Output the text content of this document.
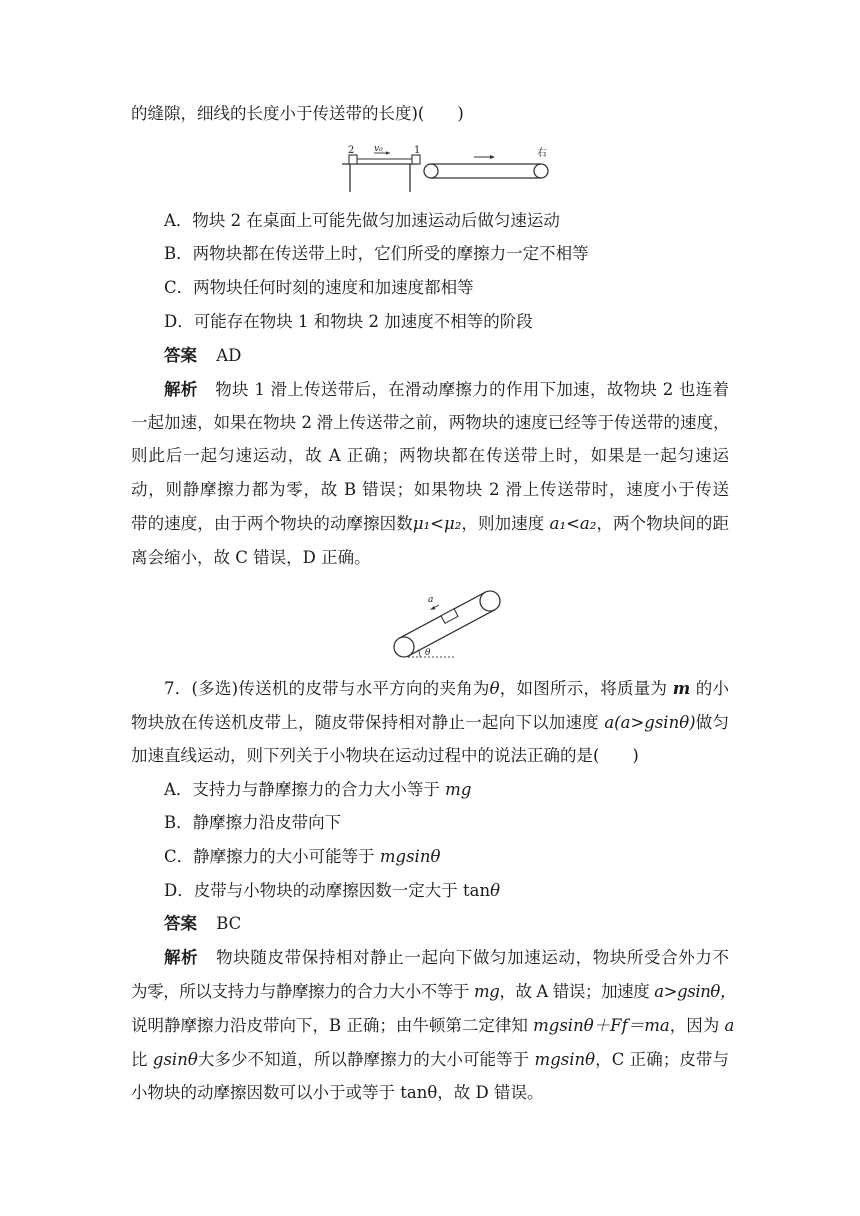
的缝隙，细线的长度小于传送带的长度)(　　)
2	1
v₀	右
A．物块 2 在桌面上可能先做匀加速运动后做匀速运动
B．两物块都在传送带上时，它们所受的摩擦力一定不相等
C．两物块任何时刻的速度和加速度都相等
D．可能存在物块 1 和物块 2 加速度不相等的阶段
答案 AD
解析 物块 1 滑上传送带后，在滑动摩擦力的作用下加速，故物块 2 也连着
一起加速，如果在物块 2 滑上传送带之前，两物块的速度已经等于传送带的速度，
则此后一起匀速运动，故 A 正确；两物块都在传送带上时，如果是一起匀速运
动，则静摩擦力都为零，故 B 错误；如果物块 2 滑上传送带时，速度小于传送
带的速度，由于两个物块的动摩擦因数μ₁<μ₂，则加速度 a₁<a₂，两个物块间的距
离会缩小，故 C 错误，D 正确。
a
θ
7．(多选)传送机的皮带与水平方向的夹角为θ，如图所示，将质量为 m 的小
物块放在传送机皮带上，随皮带保持相对静止一起向下以加速度 a(a>gsinθ)做匀
加速直线运动，则下列关于小物块在运动过程中的说法正确的是(　　)
A．支持力与静摩擦力的合力大小等于 mg
B．静摩擦力沿皮带向下
C．静摩擦力的大小可能等于 mgsinθ
D．皮带与小物块的动摩擦因数一定大于 tanθ
答案 BC
解析 物块随皮带保持相对静止一起向下做匀加速运动，物块所受合外力不
为零，所以支持力与静摩擦力的合力大小不等于 mg，故 A 错误；加速度 a>gsinθ，
说明静摩擦力沿皮带向下，B 正确；由牛顿第二定律知 mgsinθ＋Ff＝ma，因为 a
比 gsinθ大多少不知道，所以静摩擦力的大小可能等于 mgsinθ，C 正确；皮带与
小物块的动摩擦因数可以小于或等于 tanθ，故 D 错误。
